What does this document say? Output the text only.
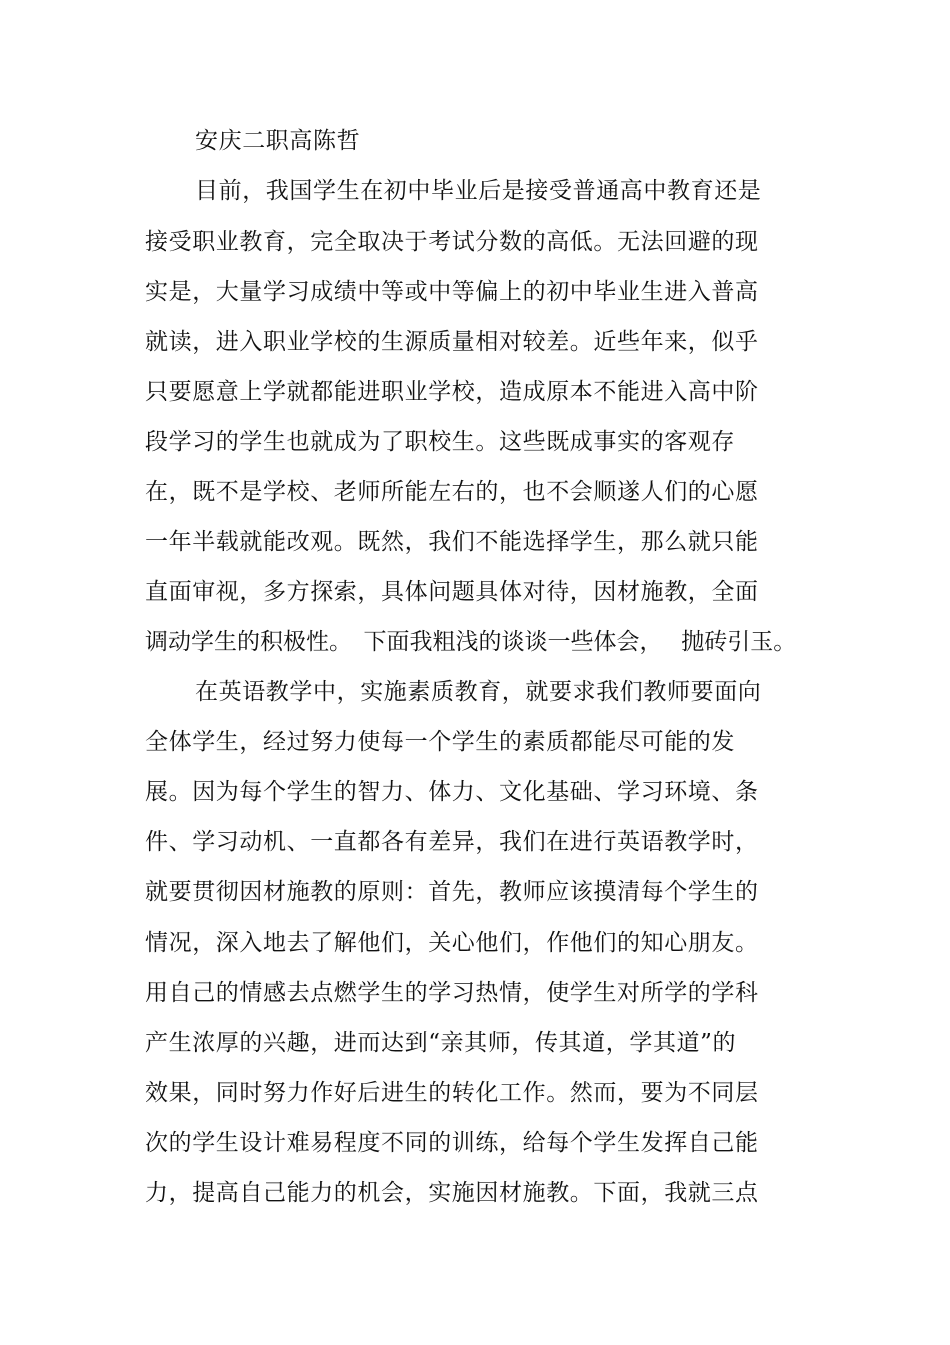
安庆二职高陈哲
目前，我国学生在初中毕业后是接受普通高中教育还是
接受职业教育，完全取决于考试分数的高低。无法回避的现
实是，大量学习成绩中等或中等偏上的初中毕业生进入普高
就读，进入职业学校的生源质量相对较差。近些年来，似乎
只要愿意上学就都能进职业学校，造成原本不能进入高中阶
段学习的学生也就成为了职校生。这些既成事实的客观存
在，既不是学校、老师所能左右的，也不会顺遂人们的心愿
一年半载就能改观。既然，我们不能选择学生，那么就只能
直面审视，多方探索，具体问题具体对待，因材施教，全面
调动学生的积极性。　下面我粗浅的谈谈一些体会，　 抛砖引玉。
在英语教学中，实施素质教育，就要求我们教师要面向
全体学生，经过努力使每一个学生的素质都能尽可能的发
展。因为每个学生的智力、体力、文化基础、学习环境、条
件、学习动机、一直都各有差异，我们在进行英语教学时，
就要贯彻因材施教的原则：首先，教师应该摸清每个学生的
情况，深入地去了解他们，关心他们，作他们的知心朋友。
用自己的情感去点燃学生的学习热情，使学生对所学的学科
产生浓厚的兴趣，进而达到“亲其师，传其道，学其道”的
效果，同时努力作好后进生的转化工作。然而，要为不同层
次的学生设计难易程度不同的训练，给每个学生发挥自己能
力，提高自己能力的机会，实施因材施教。下面，我就三点
